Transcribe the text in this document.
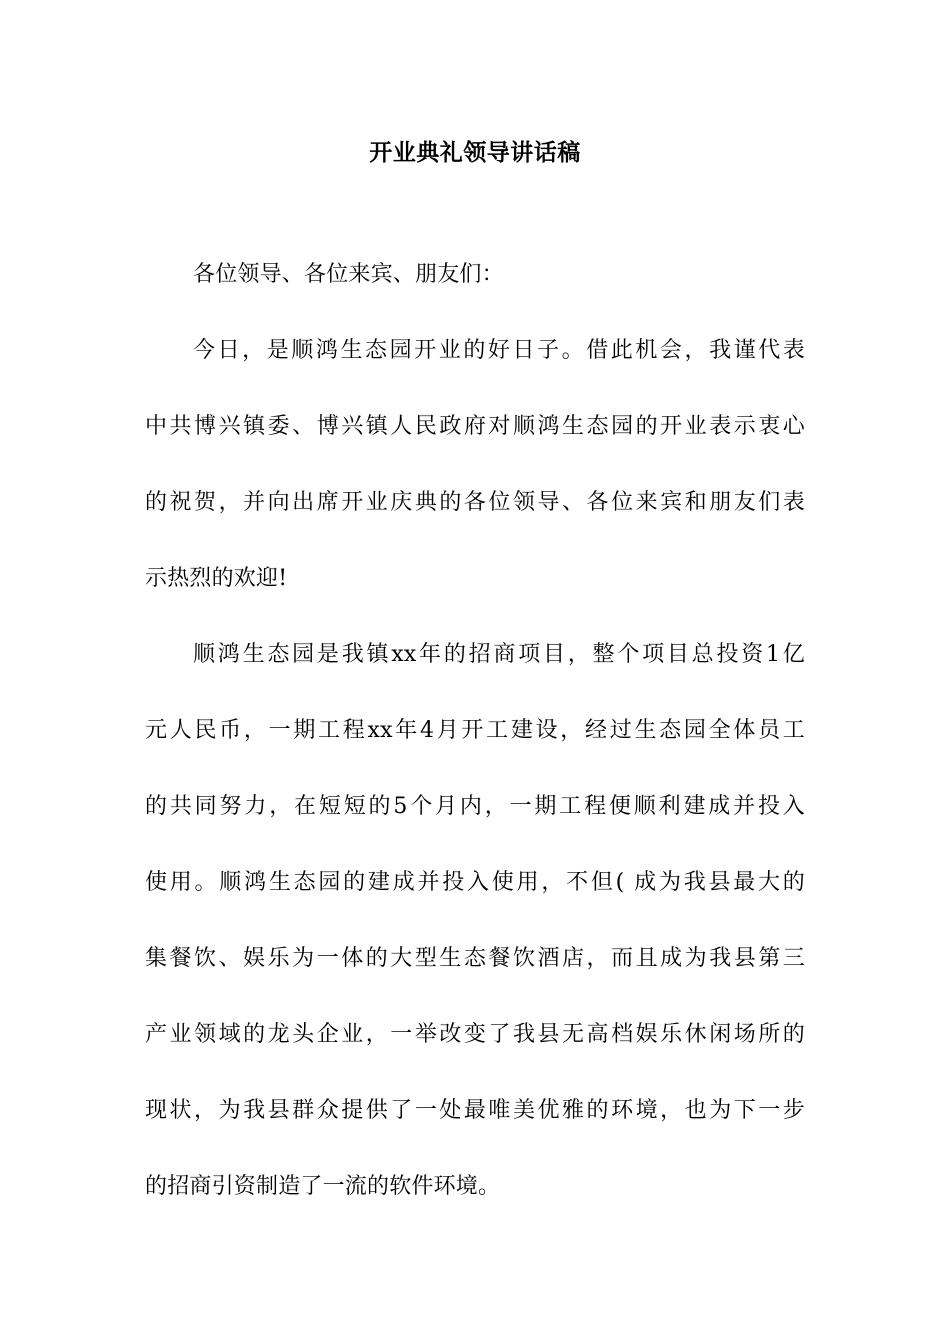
开业典礼领导讲话稿
各位领导、各位来宾、朋友们：
今日，是顺鸿生态园开业的好日子。借此机会，我谨代表
中共博兴镇委、博兴镇人民政府对顺鸿生态园的开业表示衷心
的祝贺，并向出席开业庆典的各位领导、各位来宾和朋友们表
示热烈的欢迎!
顺鸿生态园是我镇xx年的招商项目，整个项目总投资1亿
元人民币，一期工程xx年4月开工建设，经过生态园全体员工
的共同努力，在短短的5个月内，一期工程便顺利建成并投入
使用。顺鸿生态园的建成并投入使用，不但( 成为我县最大的
集餐饮、娱乐为一体的大型生态餐饮酒店，而且成为我县第三
产业领域的龙头企业，一举改变了我县无高档娱乐休闲场所的
现状，为我县群众提供了一处最唯美优雅的环境，也为下一步
的招商引资制造了一流的软件环境。
